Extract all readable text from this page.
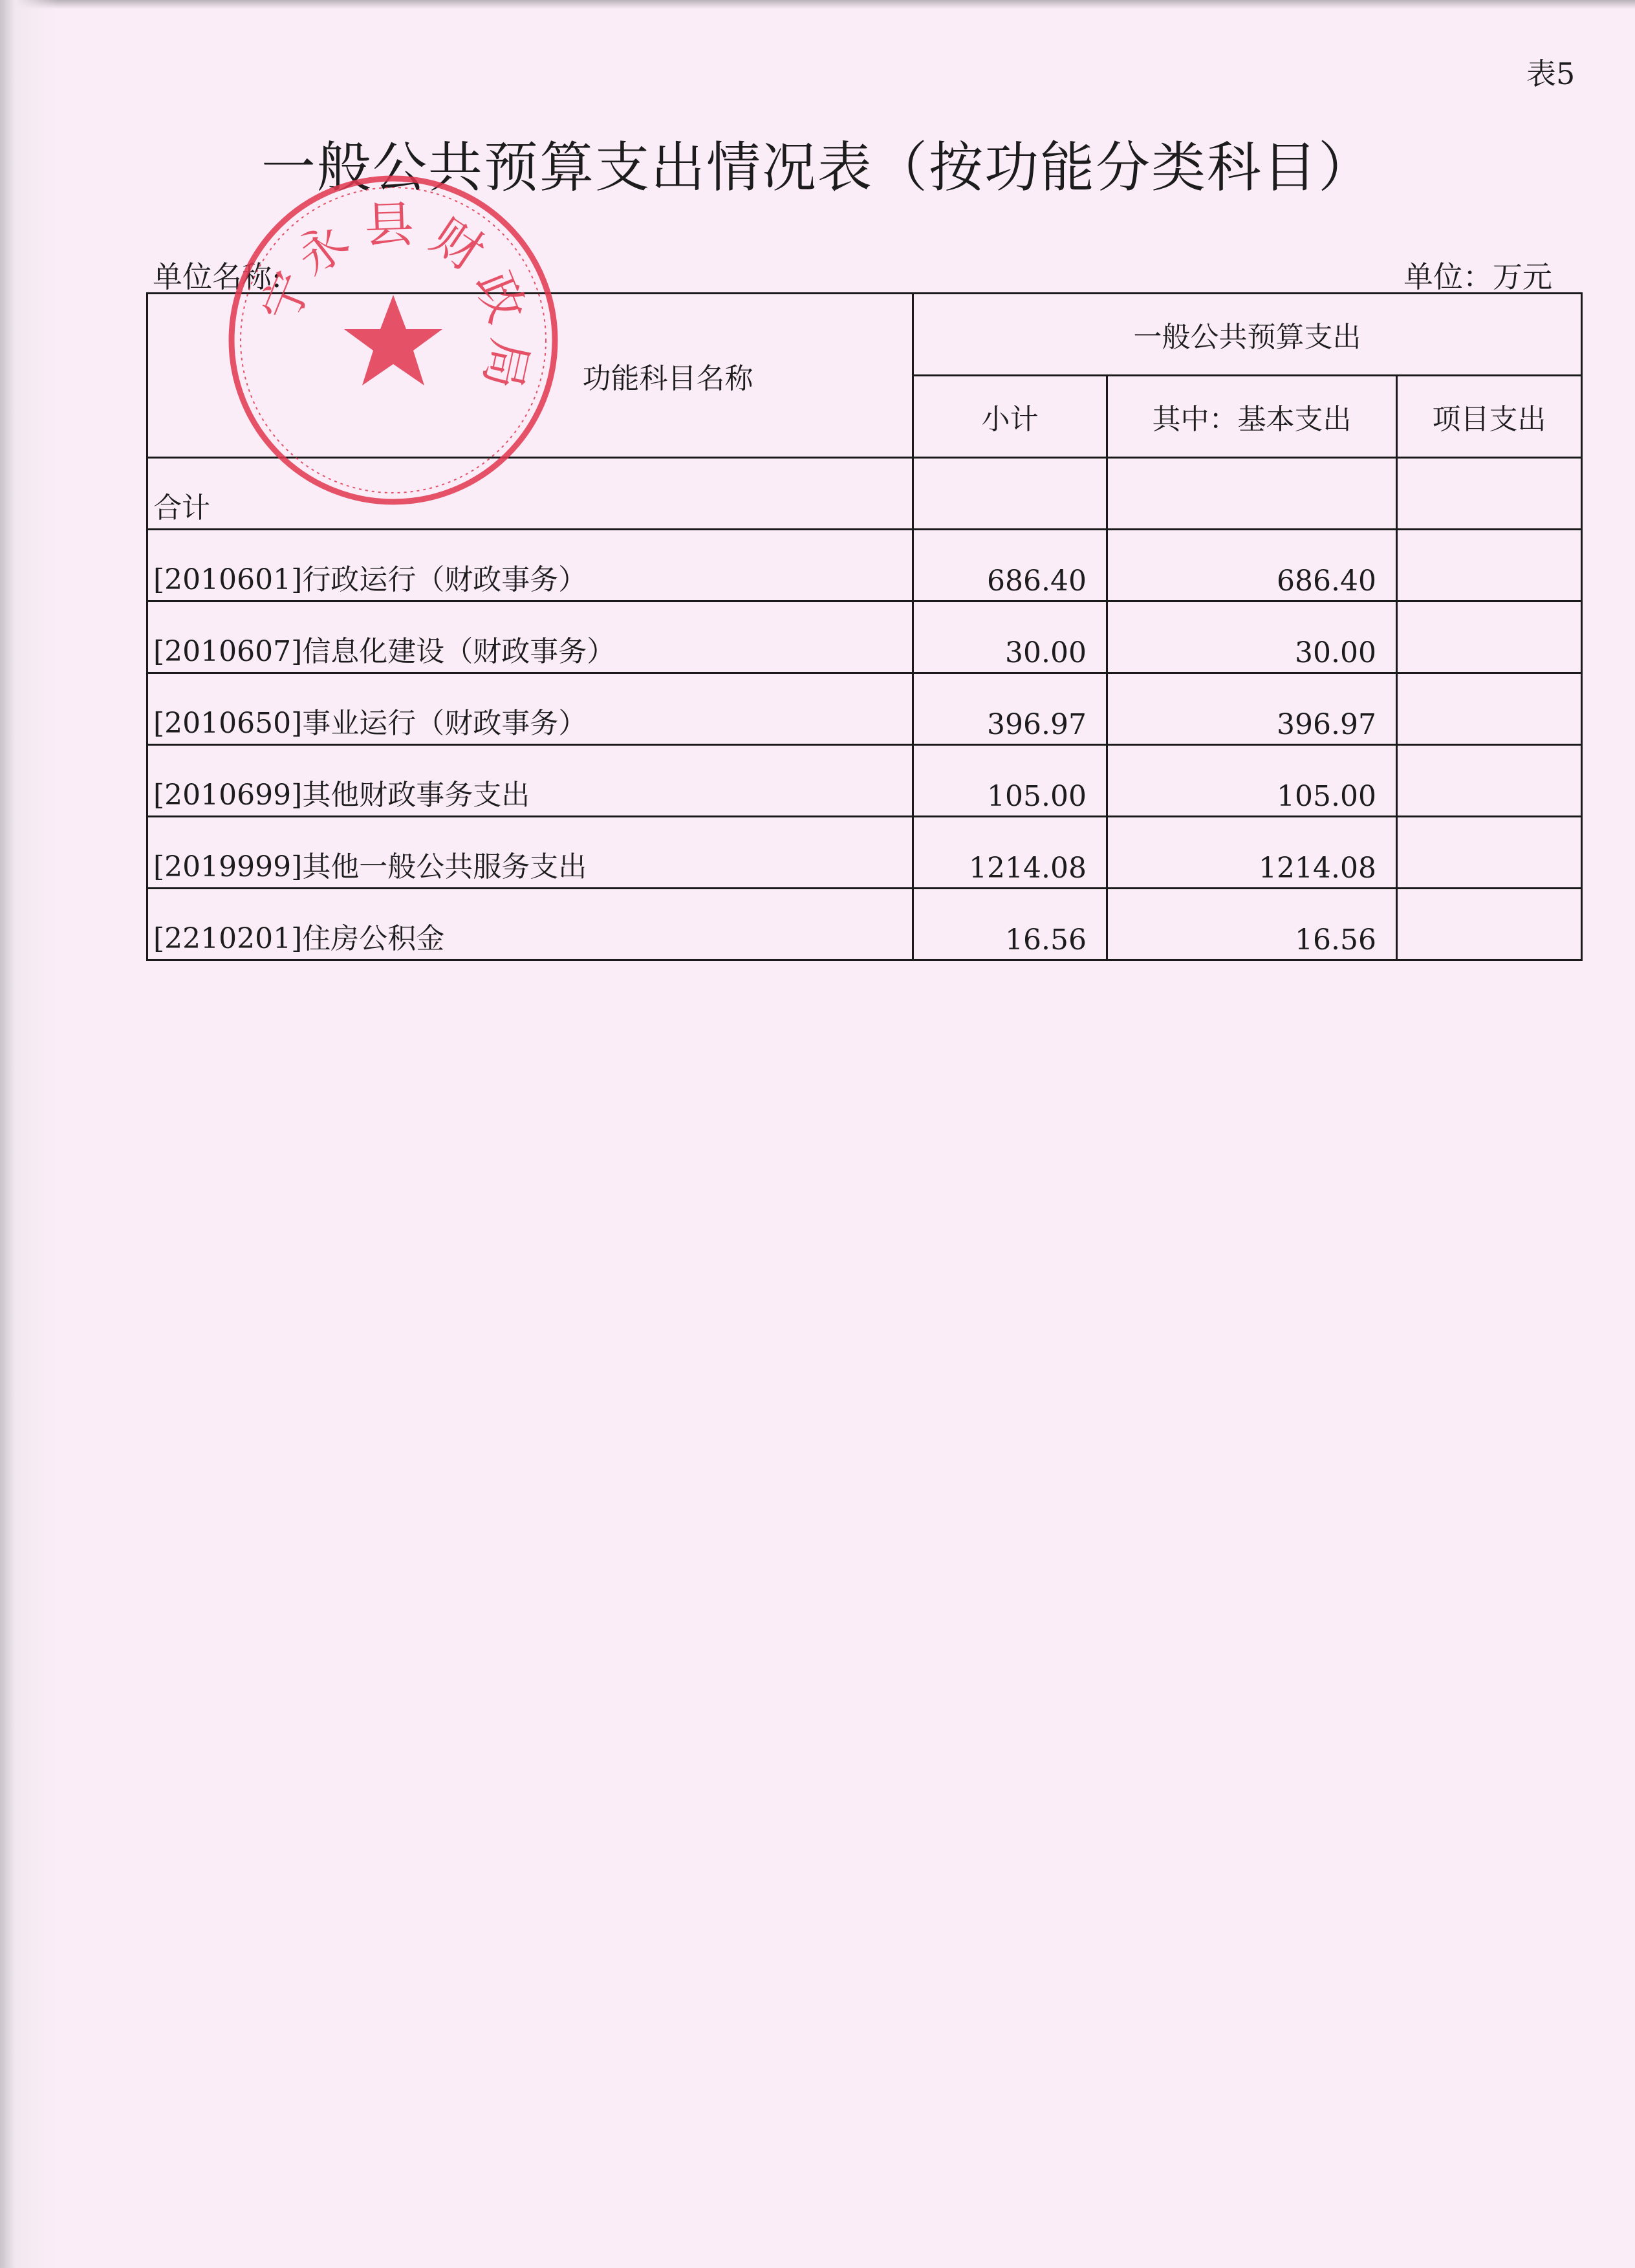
表5
一般公共预算支出情况表（按功能分类科目）
单位名称:	单位：万元
功能科目名称	一般公共预算支出		
	小计	其中：基本支出	项目支出
合计			
[2010601]行政运行（财政事务）	686.40	686.40	
[2010607]信息化建设（财政事务）	30.00	30.00	
[2010650]事业运行（财政事务）	396.97	396.97	
[2010699]其他财政事务支出	105.00	105.00	
[2019999]其他一般公共服务支出	1214.08	1214.08	
[2210201]住房公积金	16.56	16.56	
宁
永 县 财
政
局
